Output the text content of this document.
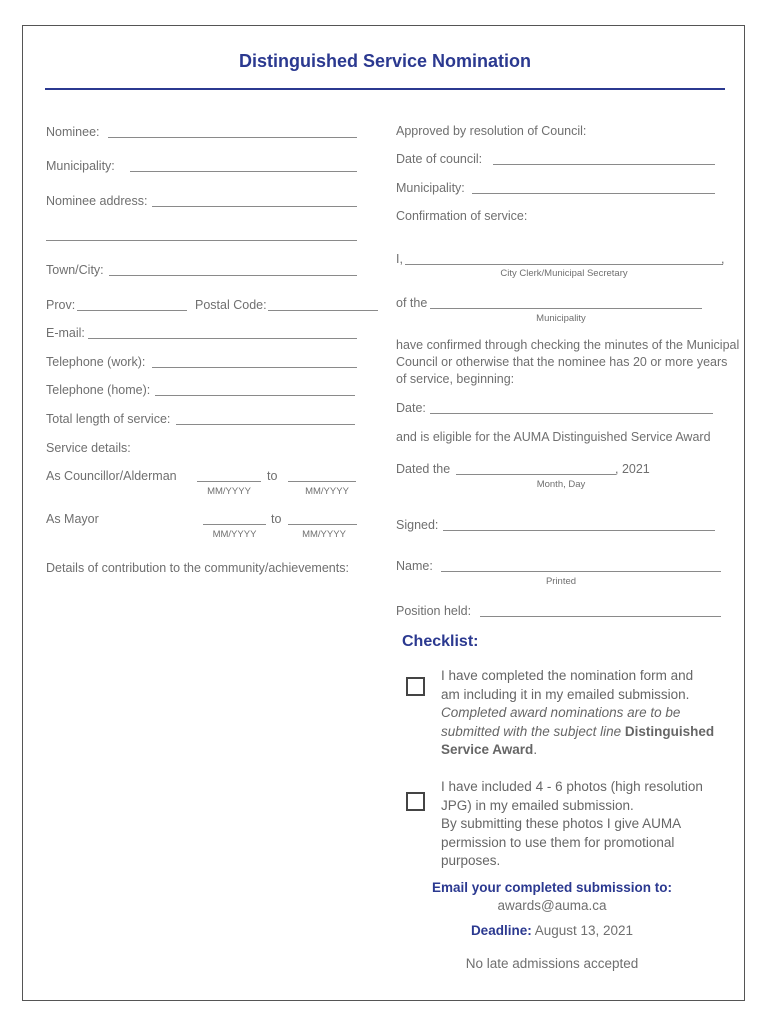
Distinguished Service Nomination
Nominee:
Municipality:
Nominee address:
Town/City:
Prov:	Postal Code:
E-mail:
Telephone (work):
Telephone (home):
Total length of service:
Service details:
As Councillor/Alderman	to
MM/YYYY	MM/YYYY
As Mayor	to
MM/YYYY	MM/YYYY
Details of contribution to the community/achievements:
Approved by resolution of Council:
Date of council:
Municipality:
Confirmation of service:
I,	,
City Clerk/Municipal Secretary
of the
Municipality
have confirmed through checking the minutes of the Municipal Council or otherwise that the nominee has 20 or more years of service, beginning:
Date:
and is eligible for the AUMA Distinguished Service Award
Dated the	, 2021
Month, Day
Signed:
Name:
Printed
Position held:
Checklist:
I have completed the nomination form and
am including it in my emailed submission.
Completed award nominations are to be submitted with the subject line Distinguished Service Award.
I have included 4 - 6 photos (high resolution JPG) in my emailed submission.
By submitting these photos I give AUMA permission to use them for promotional purposes.
Email your completed submission to:
awards@auma.ca
Deadline: August 13, 2021
No late admissions accepted
